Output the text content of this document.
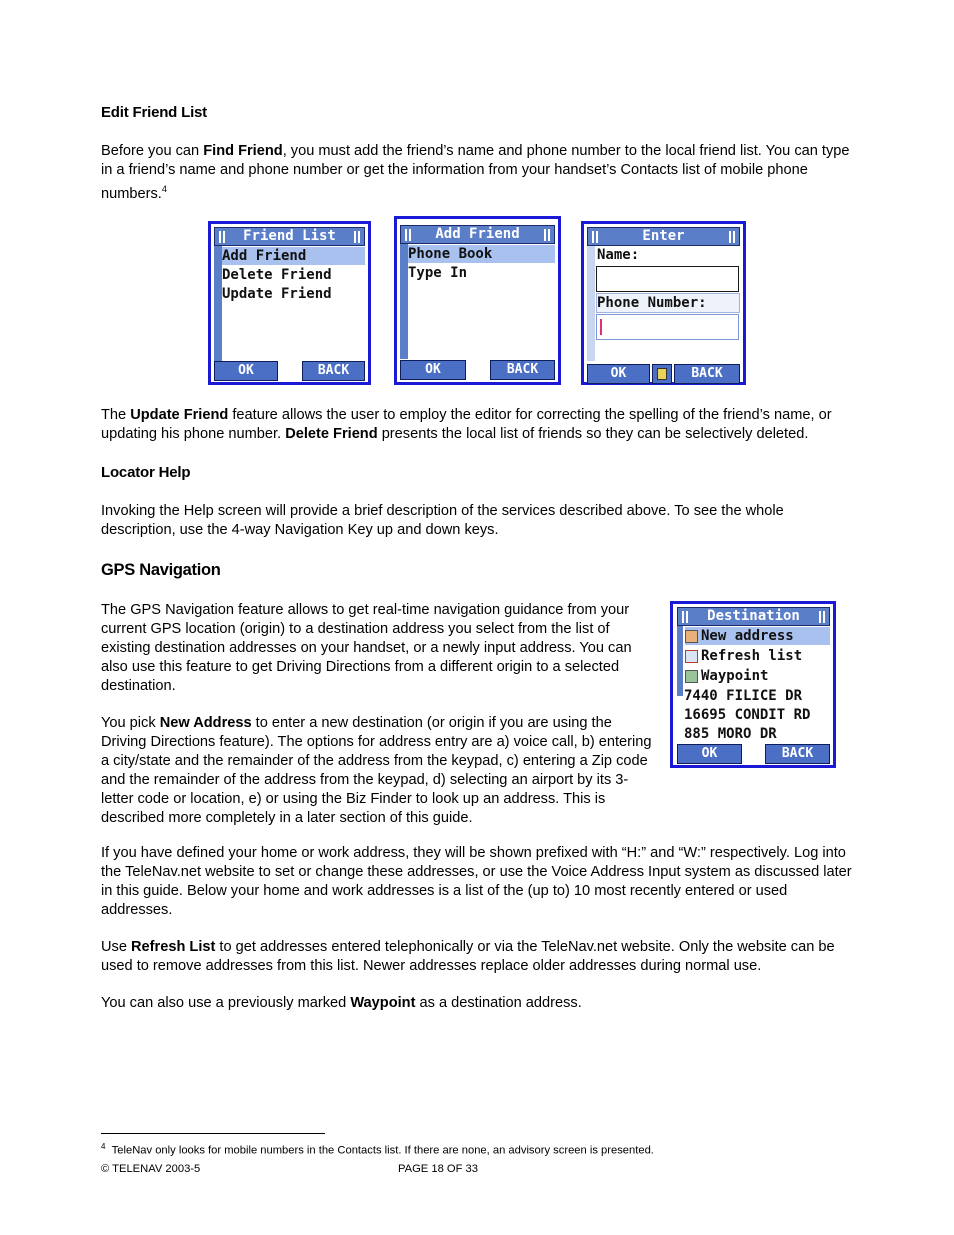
Edit Friend List
Before you can Find Friend, you must add the friend’s name and phone number to the local friend list. You can type in a friend’s name and phone number or get the information from your handset’s Contacts list of mobile phone numbers.$^4$
Friend List
Add Friend
Delete Friend
Update Friend
OK	BACK
Add Friend
Phone Book
Type In
OK	BACK
Enter
Name:
Phone Number:
OK	BACK
The Update Friend feature allows the user to employ the editor for correcting the spelling of the friend’s name, or updating his phone number. Delete Friend presents the local list of friends so they can be selectively deleted.
Locator Help
Invoking the Help screen will provide a brief description of the services described above. To see the whole description, use the 4-way Navigation Key up and down keys.
GPS Navigation
The GPS Navigation feature allows to get real-time navigation guidance from your current GPS location (origin) to a destination address you select from the list of existing destination addresses on your handset, or a newly input address. You can also use this feature to get Driving Directions from a different origin to a selected destination.
You pick New Address to enter a new destination (or origin if you are using the Driving Directions feature). The options for address entry are a) voice call, b) entering a city/state and the remainder of the address from the keypad, c) entering a Zip code and the remainder of the address from the keypad, d) selecting an airport by its 3-letter code or location, e) or using the Biz Finder to look up an address. This is described more completely in a later section of this guide.
Destination
New address
Refresh list
Waypoint
7440 FILICE DR
16695 CONDIT RD
885 MORO DR
OK	BACK
If you have defined your home or work address, they will be shown prefixed with “H:” and “W:” respectively. Log into the TeleNav.net website to set or change these addresses, or use the Voice Address Input system as discussed later in this guide. Below your home and work addresses is a list of the (up to) 10 most recently entered or used addresses.
Use Refresh List to get addresses entered telephonically or via the TeleNav.net website. Only the website can be used to remove addresses from this list. Newer addresses replace older addresses during normal use.
You can also use a previously marked Waypoint as a destination address.
$^4$ TeleNav only looks for mobile numbers in the Contacts list. If there are none, an advisory screen is presented.
© TELENAV 2003-5	PAGE 18 OF 33
